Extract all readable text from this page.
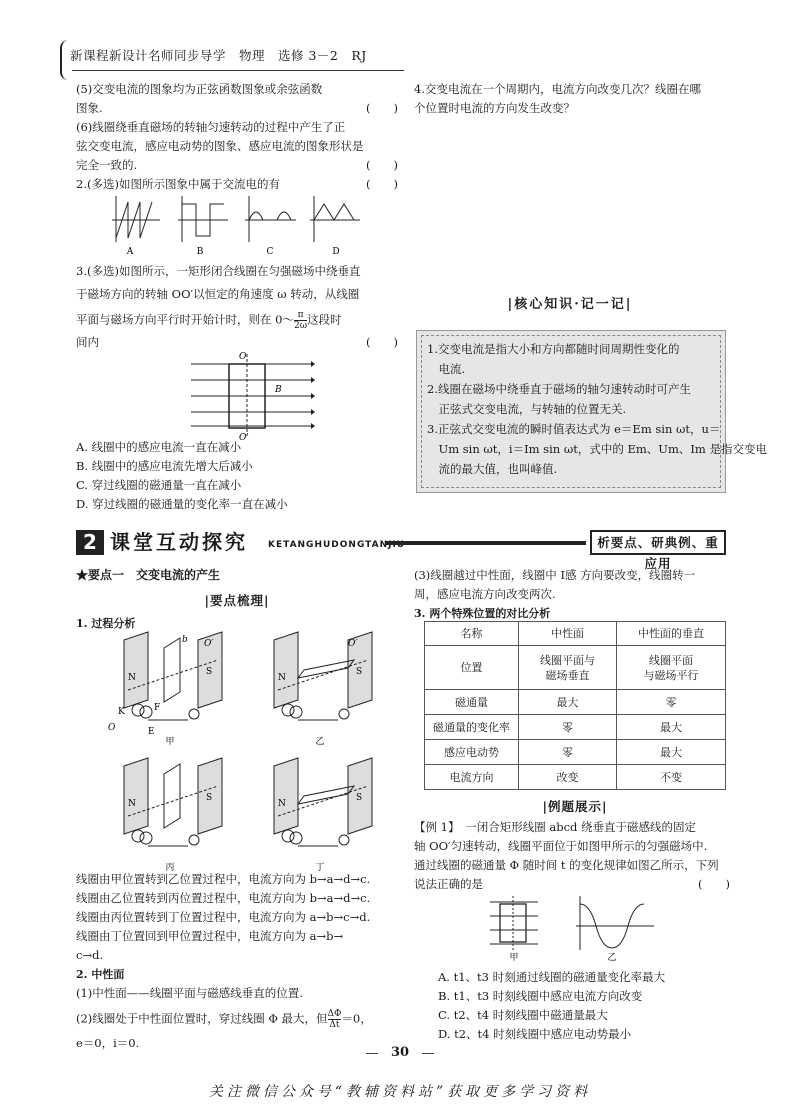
新课程新设计名师同步导学　物理　选修 3－2　RJ
(5)交变电流的图象均为正弦函数图象或余弦函数
图象.	(　　)
(6)线圈绕垂直磁场的转轴匀速转动的过程中产生了正
弦交变电流，感应电动势的图象、感应电流的图象形状是
完全一致的.	(　　)
2.(多选)如图所示图象中属于交流电的有	(　　)
A	B	C	D
3.(多选)如图所示，一矩形闭合线圈在匀强磁场中绕垂直
于磁场方向的转轴 OO′以恒定的角速度 ω 转动，从线圈
平面与磁场方向平行时开始计时，则在 0～ $\frac{\pi}{2\omega}$ 这段时
间内	(　　)
O
O′
B
A. 线圈中的感应电流一直在减小
B. 线圈中的感应电流先增大后减小
C. 穿过线圈的磁通量一直在减小
D. 穿过线圈的磁通量的变化率一直在减小
4.交变电流在一个周期内，电流方向改变几次？线圈在哪
个位置时电流的方向发生改变？
|核心知识·记一记|
1.交变电流是指大小和方向都随时间周期性变化的
　电流.
2.线圈在磁场中绕垂直于磁场的轴匀速转动时可产生
　正弦式交变电流，与转轴的位置无关.
3.正弦式交变电流的瞬时值表达式为 e＝Em sin ωt，u＝
　Um sin ωt，i＝Im sin ωt，式中的 Em、Um、Im 是指交变电
　流的最大值，也叫峰值.
2 课堂互动探究 KETANGHUDONGTANJIU	析要点、研典例、重应用
★要点一　交变电流的产生
|要点梳理|
1. 过程分析
N
S
b O′
O
K
E
F
甲
N
S
O′
乙
N
S
丙
N
S
丁
线圈由甲位置转到乙位置过程中，电流方向为 b→a→d→c.
线圈由乙位置转到丙位置过程中，电流方向为 b→a→d→c.
线圈由丙位置转到丁位置过程中，电流方向为 a→b→c→d.
线圈由丁位置回到甲位置过程中，电流方向为 a→b→
c→d.
2. 中性面
(1)中性面——线圈平面与磁感线垂直的位置.
(2)线圈处于中性面位置时，穿过线圈 Φ 最大，但 $\frac{\Delta\Phi}{\Delta t} =0$，
e＝0，i＝0.
(3)线圈越过中性面，线圈中 I感 方向要改变，线圈转一
周，感应电流方向改变两次.
3. 两个特殊位置的对比分析
名称	中性面	中性面的垂直
位置	线圈平面与
磁场垂直	线圈平面
与磁场平行
磁通量	最大	零
磁通量的变化率	零	最大
感应电动势	零	最大
电流方向	改变	不变
|例题展示|
【例 1】　一闭合矩形线圈 abcd 绕垂直于磁感线的固定
轴 OO′匀速转动，线圈平面位于如图甲所示的匀强磁场中.
通过线圈的磁通量 Φ 随时间 t 的变化规律如图乙所示，下列
说法正确的是	(　　)
甲	乙
A. t1、t3 时刻通过线圈的磁通量变化率最大
B. t1、t3 时刻线圈中感应电流方向改变
C. t2、t4 时刻线圈中磁通量最大
D. t2、t4 时刻线圈中感应电动势最小
30
关注微信公众号“教辅资料站”获取更多学习资料
